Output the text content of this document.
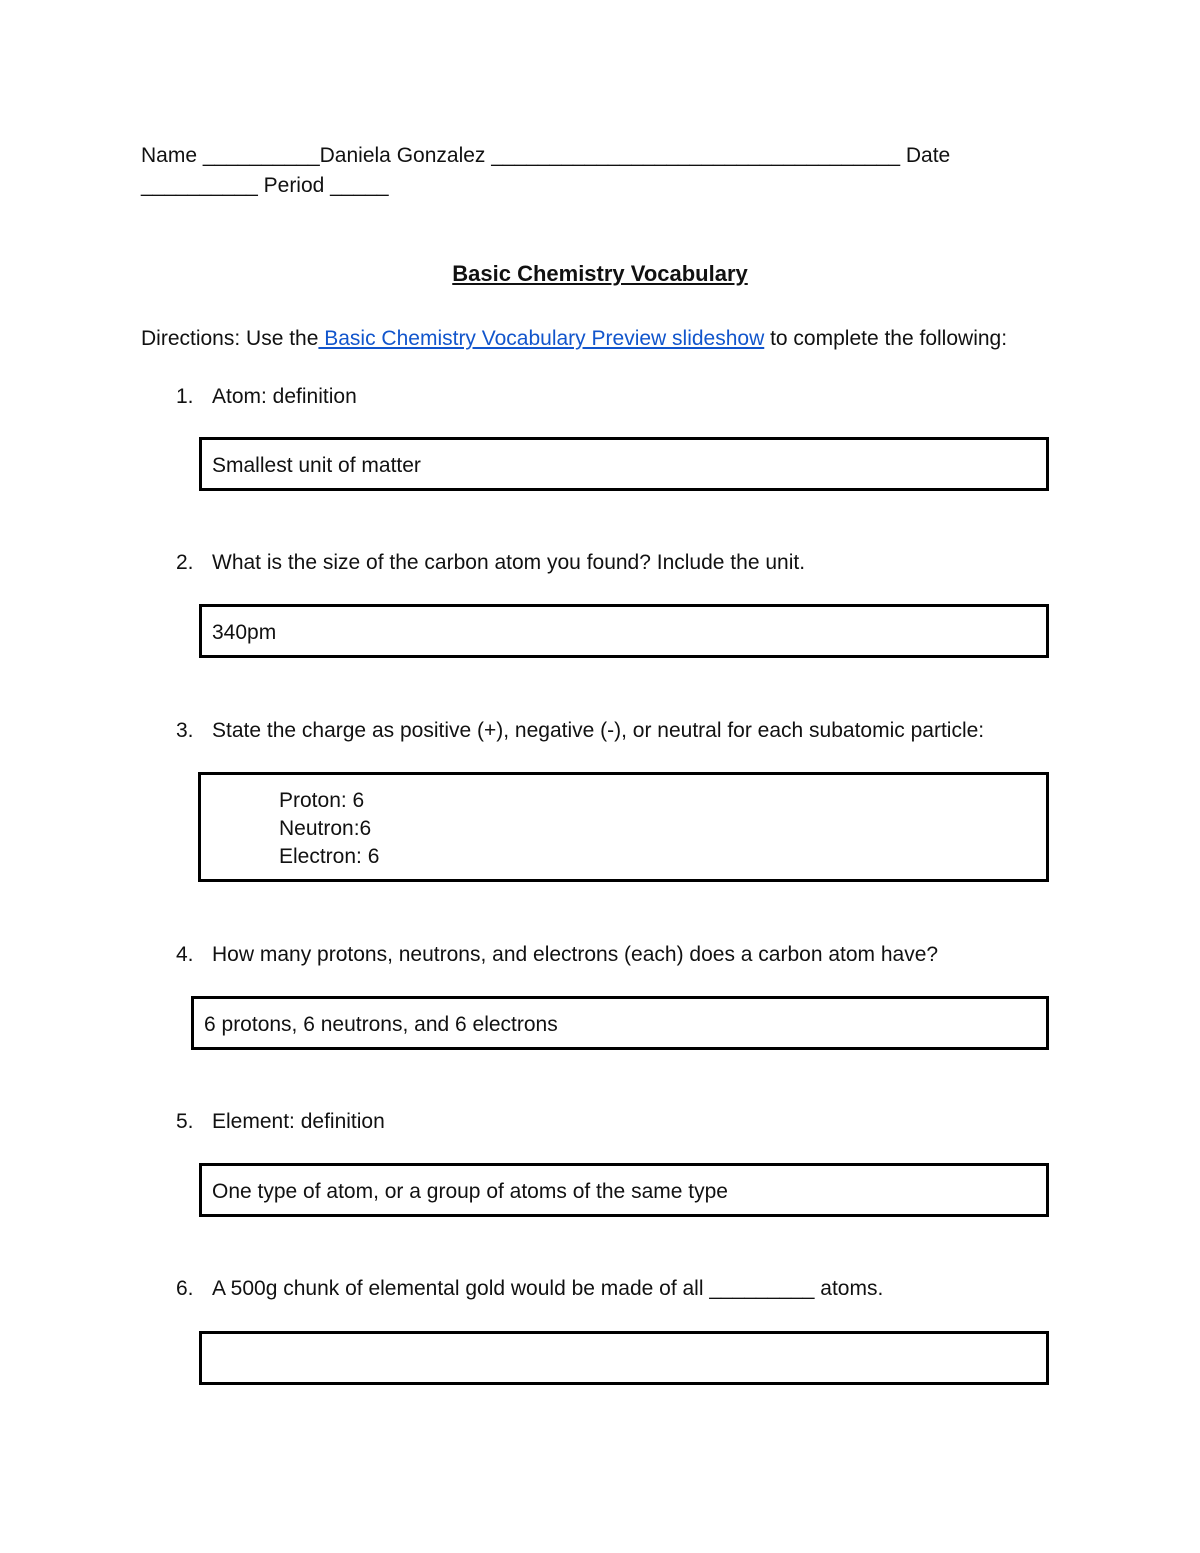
Name __________Daniela Gonzalez ___________________________________ Date
__________ Period _____
Basic Chemistry Vocabulary
Directions: Use the Basic Chemistry Vocabulary Preview slideshow to complete the following:
1. Atom: definition
Smallest unit of matter
2. What is the size of the carbon atom you found? Include the unit.
340pm
3. State the charge as positive (+), negative (-), or neutral for each subatomic particle:
Proton: 6
Neutron:6
Electron: 6
4. How many protons, neutrons, and electrons (each) does a carbon atom have?
6 protons, 6 neutrons, and 6 electrons
5. Element: definition
One type of atom, or a group of atoms of the same type
6. A 500g chunk of elemental gold would be made of all _________ atoms.
